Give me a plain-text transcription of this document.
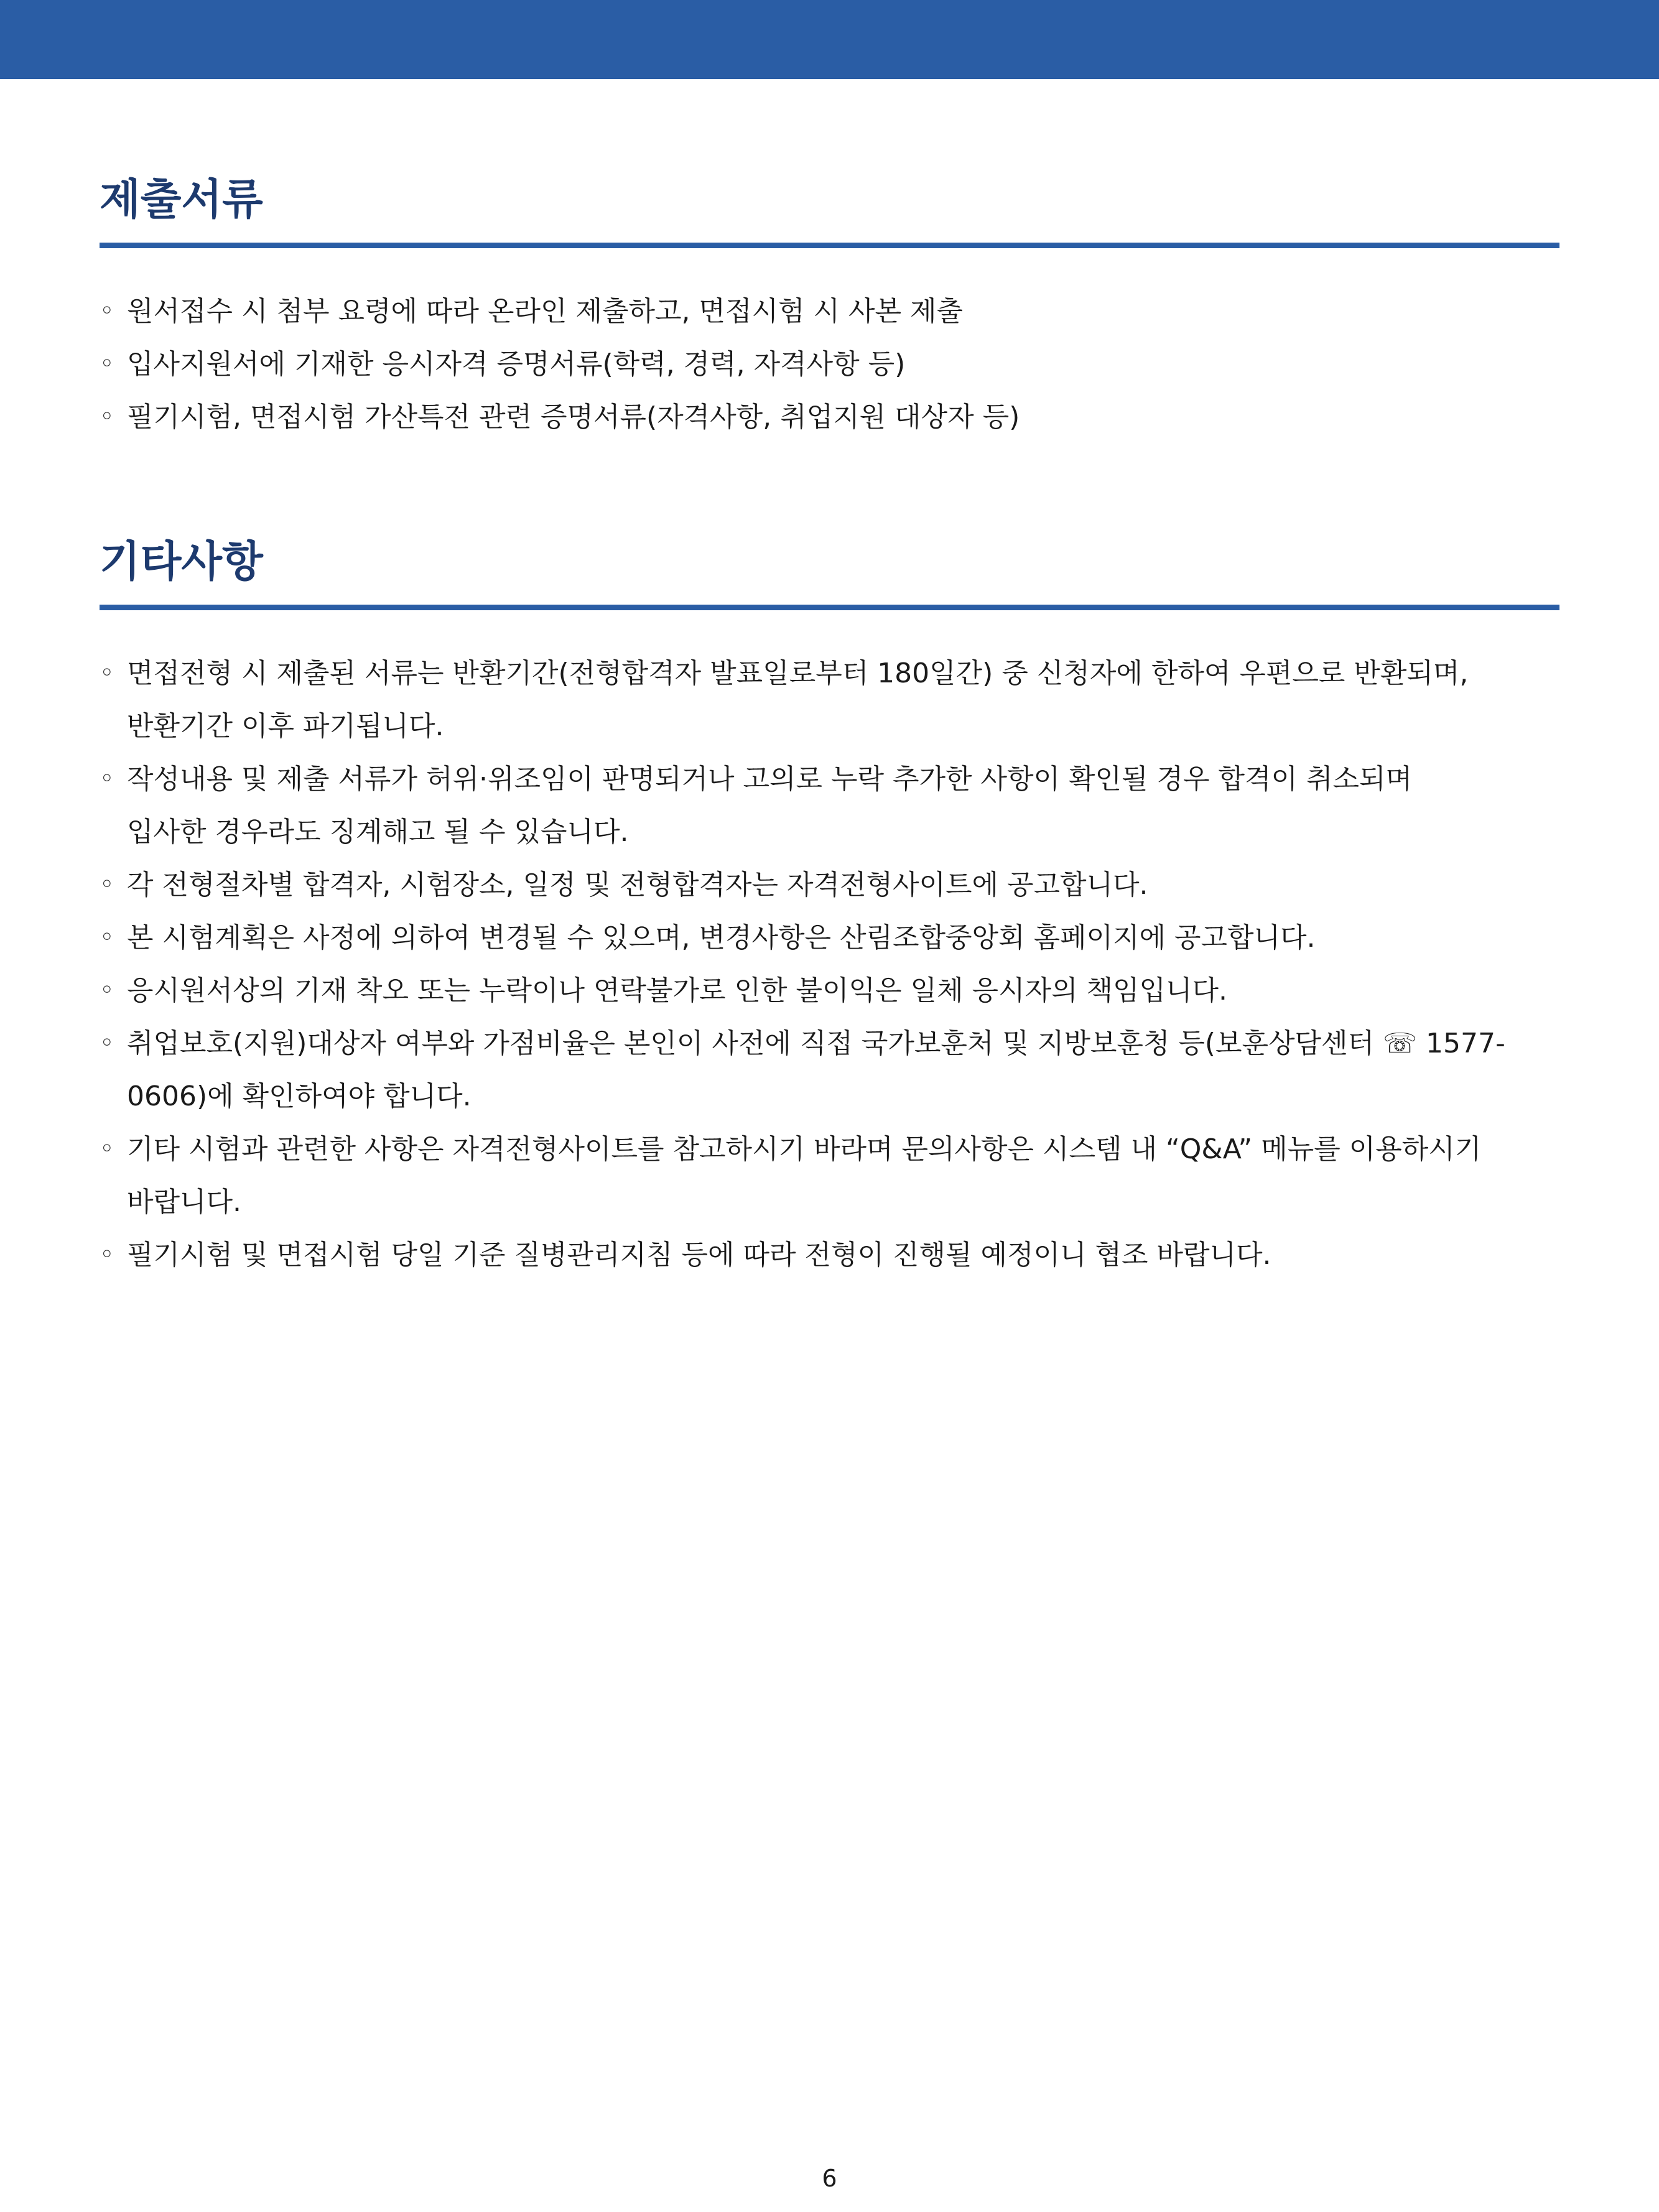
제출서류
◦ 원서접수 시 첨부 요령에 따라 온라인 제출하고, 면접시험 시 사본 제출
◦ 입사지원서에 기재한 응시자격 증명서류(학력, 경력, 자격사항 등)
◦ 필기시험, 면접시험 가산특전 관련 증명서류(자격사항, 취업지원 대상자 등)
기타사항
◦ 면접전형 시 제출된 서류는 반환기간(전형합격자 발표일로부터 180일간) 중 신청자에 한하여 우편으로 반환되며,
반환기간 이후 파기됩니다.
◦ 작성내용 및 제출 서류가 허위·위조임이 판명되거나 고의로 누락 추가한 사항이 확인될 경우 합격이 취소되며
입사한 경우라도 징계해고 될 수 있습니다.
◦ 각 전형절차별 합격자, 시험장소, 일정 및 전형합격자는 자격전형사이트에 공고합니다.
◦ 본 시험계획은 사정에 의하여 변경될 수 있으며, 변경사항은 산림조합중앙회 홈페이지에 공고합니다.
◦ 응시원서상의 기재 착오 또는 누락이나 연락불가로 인한 불이익은 일체 응시자의 책임입니다.
◦ 취업보호(지원)대상자 여부와 가점비율은 본인이 사전에 직접 국가보훈처 및 지방보훈청 등(보훈상담센터 ☏ 1577-
0606)에 확인하여야 합니다.
◦ 기타 시험과 관련한 사항은 자격전형사이트를 참고하시기 바라며 문의사항은 시스템 내 “Q&A” 메뉴를 이용하시기
바랍니다.
◦ 필기시험 및 면접시험 당일 기준 질병관리지침 등에 따라 전형이 진행될 예정이니 협조 바랍니다.
6
